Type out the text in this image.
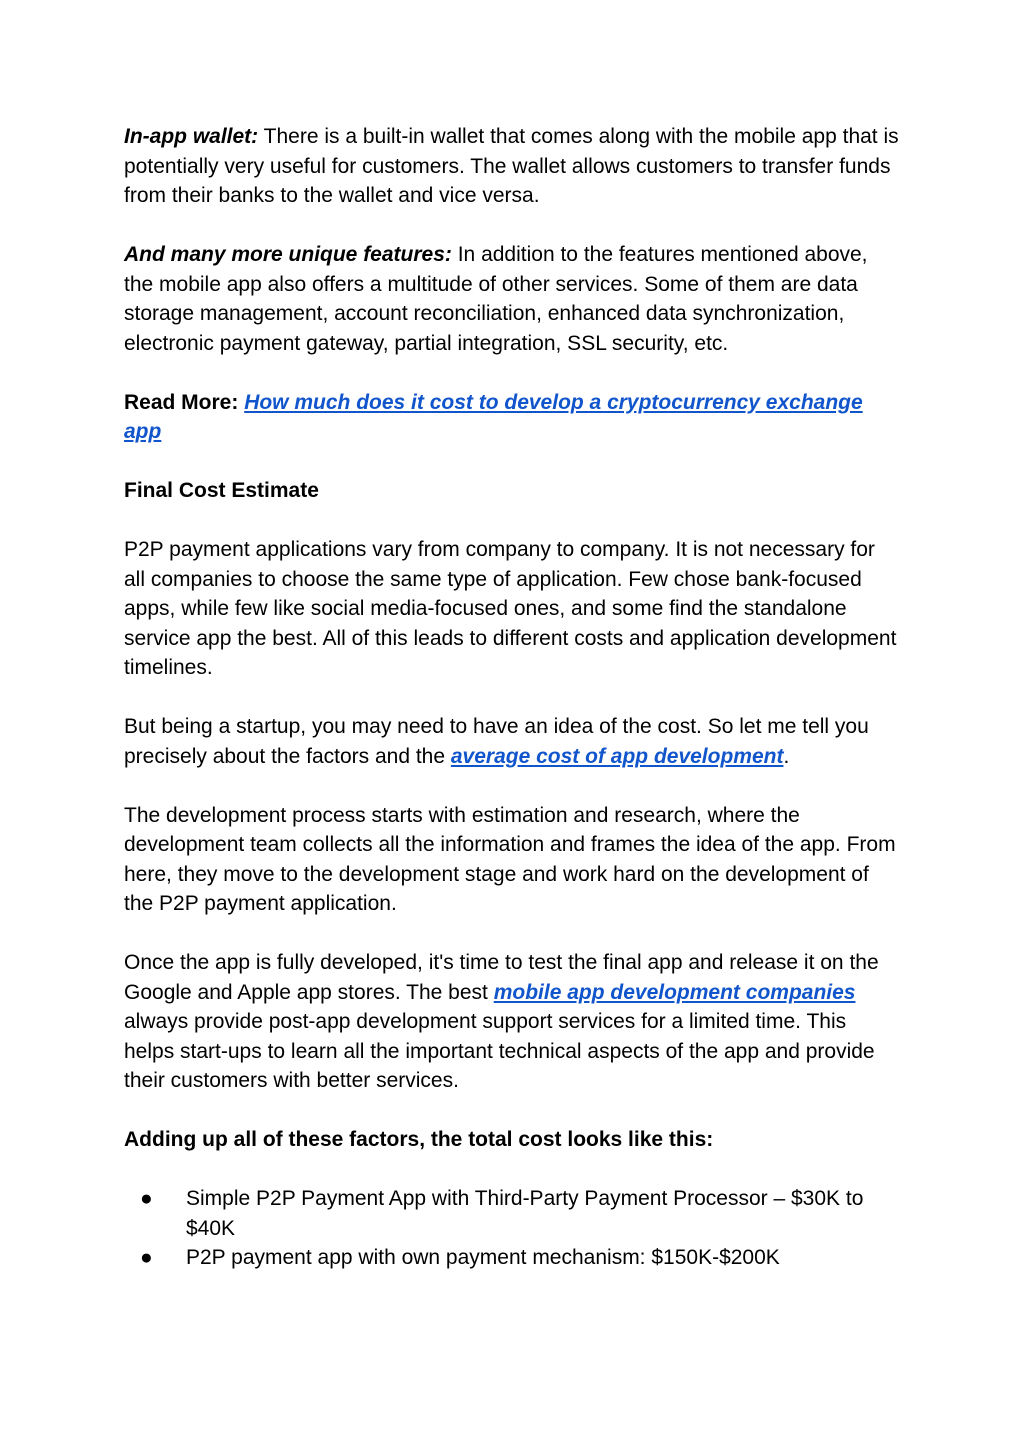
In-app wallet: There is a built-in wallet that comes along with the mobile app that is potentially very useful for customers. The wallet allows customers to transfer funds from their banks to the wallet and vice versa.

And many more unique features: In addition to the features mentioned above, the mobile app also offers a multitude of other services. Some of them are data storage management, account reconciliation, enhanced data synchronization, electronic payment gateway, partial integration, SSL security, etc.

Read More: How much does it cost to develop a cryptocurrency exchange app

Final Cost Estimate

P2P payment applications vary from company to company. It is not necessary for all companies to choose the same type of application. Few chose bank-focused apps, while few like social media-focused ones, and some find the standalone service app the best. All of this leads to different costs and application development timelines.

But being a startup, you may need to have an idea of the cost. So let me tell you precisely about the factors and the average cost of app development.

The development process starts with estimation and research, where the development team collects all the information and frames the idea of the app. From here, they move to the development stage and work hard on the development of the P2P payment application.

Once the app is fully developed, it's time to test the final app and release it on the Google and Apple app stores. The best mobile app development companies always provide post-app development support services for a limited time. This helps start-ups to learn all the important technical aspects of the app and provide their customers with better services.

Adding up all of these factors, the total cost looks like this:

● Simple P2P Payment App with Third-Party Payment Processor – $30K to $40K
● P2P payment app with own payment mechanism: $150K-$200K
